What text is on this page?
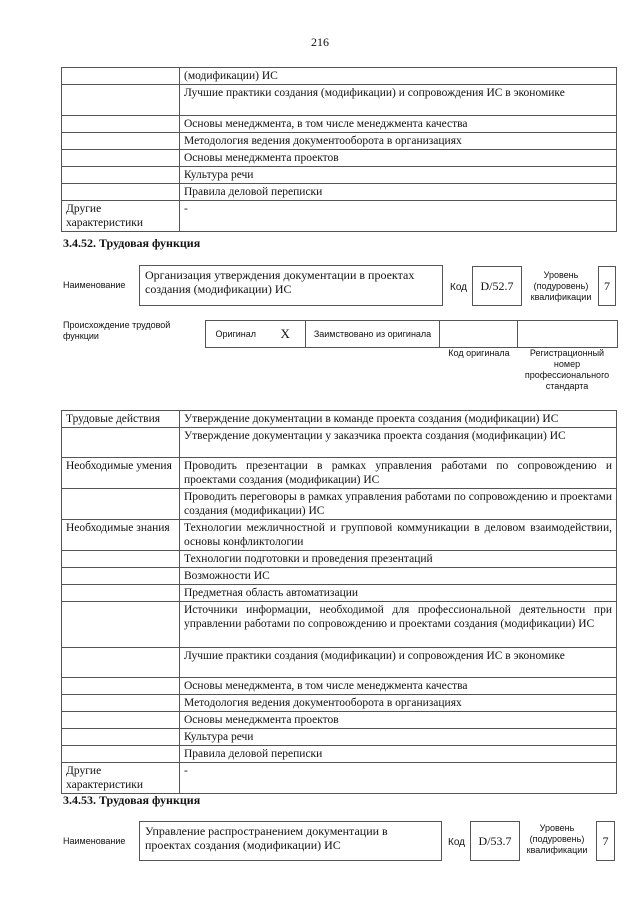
216
	(модификации) ИС
	Лучшие практики создания (модификации) и сопровождения ИС в экономике
	Основы менеджмента, в том числе менеджмента качества
	Методология ведения документооборота в организациях
	Основы менеджмента проектов
	Культура речи
	Правила деловой переписки
Другие характеристики	-
3.4.52. Трудовая функция
Наименование
Организация утверждения документации в проектах создания (модификации) ИС	Код	D/52.7
Уровень (подуровень) квалификации
7
Происхождение трудовой функции	Оригинал	X	Заимствовано из оригинала		
Код оригинала	Регистрационный номер профессионального стандарта
Трудовые действия	Утверждение документации в команде проекта создания (модификации) ИС
	Утверждение документации у заказчика проекта создания (модификации) ИС
Необходимые умения	Проводить презентации в рамках управления работами по сопровождению и проектами создания (модификации) ИС
	Проводить переговоры в рамках управления работами по сопровождению и проектами создания (модификации) ИС
Необходимые знания	Технологии межличностной и групповой коммуникации в деловом взаимодействии, основы конфликтологии
	Технологии подготовки и проведения презентаций
	Возможности ИС
	Предметная область автоматизации
	Источники информации, необходимой для профессиональной деятельности при управлении работами по сопровождению и проектами создания (модификации) ИС
	Лучшие практики создания (модификации) и сопровождения ИС в экономике
	Основы менеджмента, в том числе менеджмента качества
	Методология ведения документооборота в организациях
	Основы менеджмента проектов
	Культура речи
	Правила деловой переписки
Другие характеристики	-
3.4.53. Трудовая функция
Наименование
Управление распространением документации в проектах создания (модификации) ИС	Код	D/53.7
Уровень (подуровень) квалификации
7
